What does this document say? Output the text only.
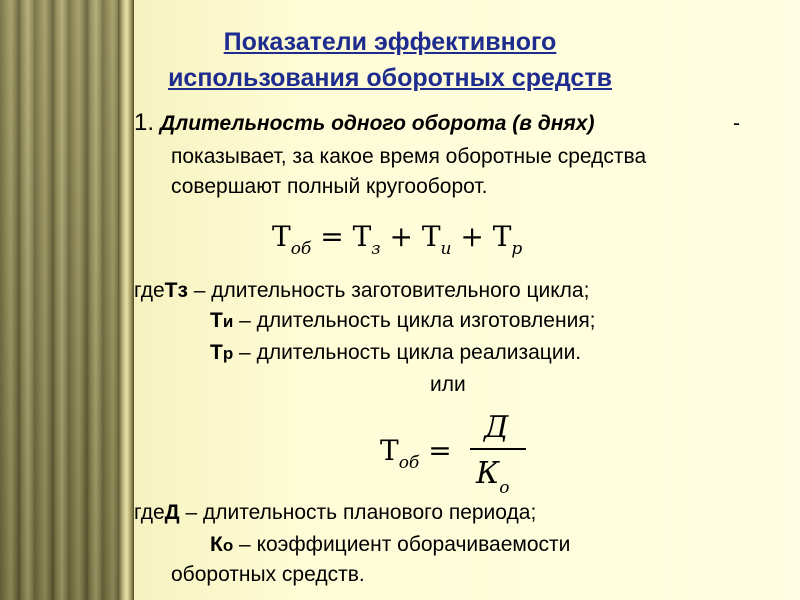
Показатели эффективного
использования оборотных средств
1. Длительность одного оборота (в днях)	-
показывает, за какое время оборотные средства
совершают полный кругооборот.
$Т_{об} = Т_з + Т_и + Т_р$
гдеТз – длительность заготовительного цикла;
Ти – длительность цикла изготовления;
Тр – длительность цикла реализации.
или
$Т_{об}$ =
Д
$К_о$
гдеД – длительность планового периода;
Ко – коэффициент оборачиваемости
оборотных средств.
